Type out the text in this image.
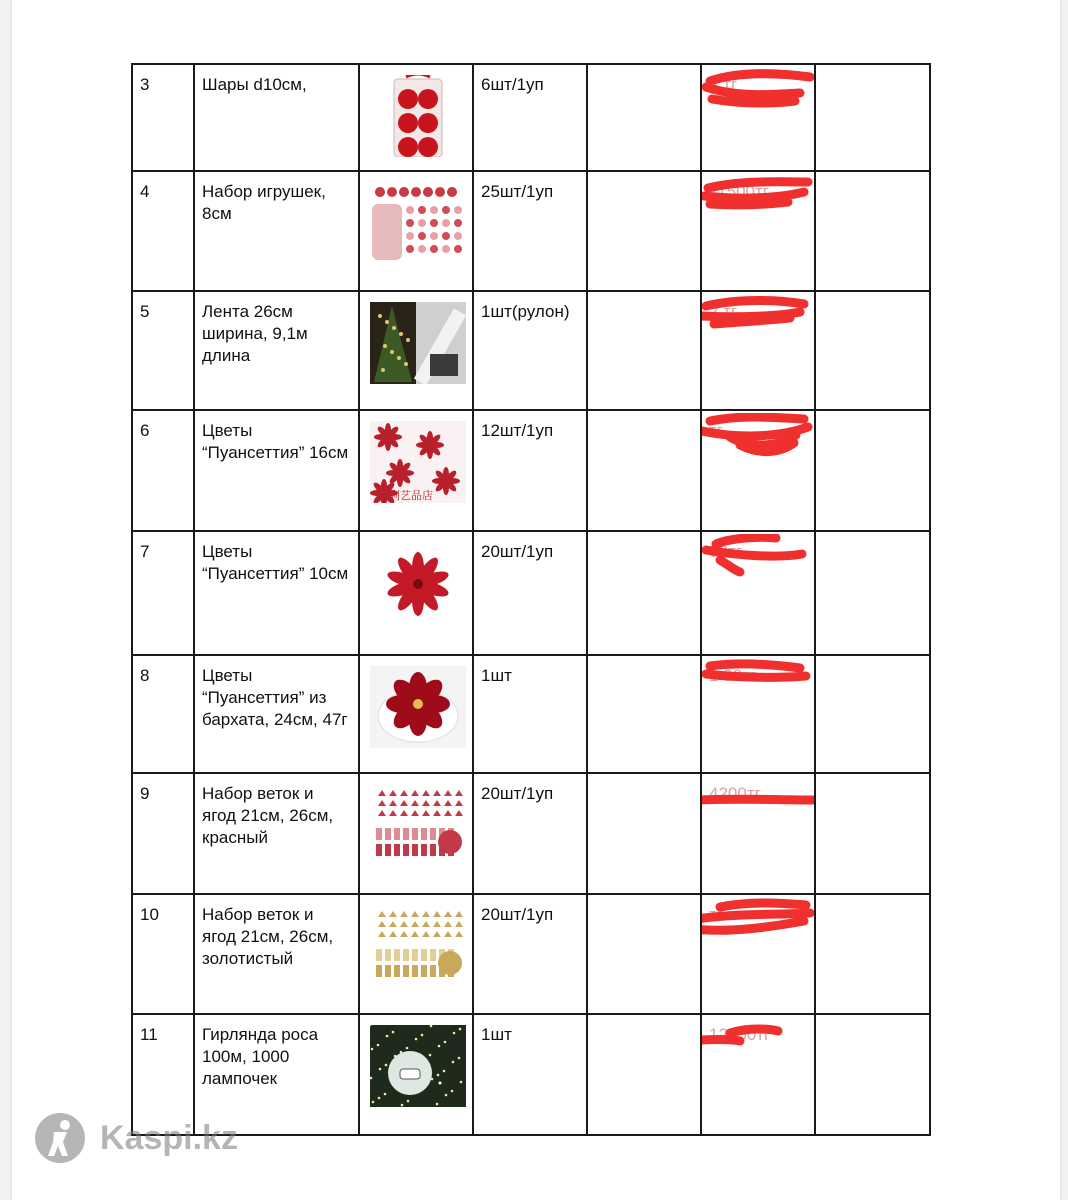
3	Шары d10см,		6шт/1уп		3 тг

4	Набор игрушек, 8см		25шт/1уп		11500тг

5	Лента 26см ширина, 9,1м длина		1шт(рулон)		2 тг

6	Цветы “Пуансеттия” 16см	万利艺品店	12шт/1уп		тг

7	Цветы “Пуансеттия” 10см		20шт/1уп		00тг

8	Цветы “Пуансеттия” из бархата, 24см, 47г		1шт		1 00тг

9	Набор веток и ягод 21см, 26см, красный		20шт/1уп		4200тг

10	Набор веток и ягод 21см, 26см, золотистый		20шт/1уп		тг

11	Гирлянда роса 100м, 1000 лампочек		1шт		12850тг

Kaspi.kz
